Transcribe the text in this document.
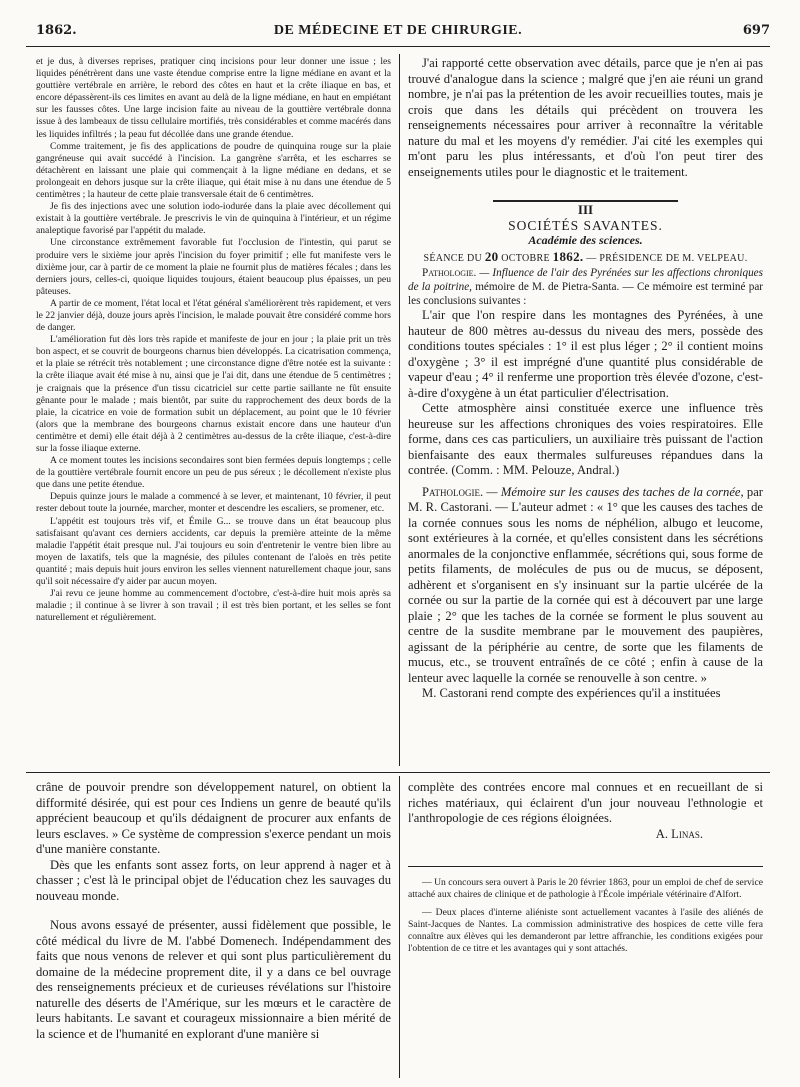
1862.	DE MÉDECINE ET DE CHIRURGIE.	697

et je dus, à diverses reprises, pratiquer cinq incisions pour leur donner une issue ; les liquides pénétrèrent dans une vaste étendue comprise entre la ligne médiane en avant et la gouttière vertébrale en arrière, le rebord des côtes en haut et la crête iliaque en bas, et encore dépassèrent-ils ces limites en avant au delà de la ligne médiane, en haut en empiétant sur les fausses côtes. Une large incision faite au niveau de la gouttière vertébrale donna issue à des lambeaux de tissu cellulaire mortifiés, très considérables et comme macérés dans les liquides infiltrés ; la peau fut décollée dans une grande étendue.

Comme traitement, je fis des applications de poudre de quinquina rouge sur la plaie gangréneuse qui avait succédé à l'incision. La gangrène s'arrêta, et les escharres se détachèrent en laissant une plaie qui commençait à la ligne médiane en dedans, et se prolongeait en dehors jusque sur la crête iliaque, qui était mise à nu dans une étendue de 5 centimètres ; la hauteur de cette plaie transversale était de 6 centimètres.

Je fis des injections avec une solution iodo-iodurée dans la plaie avec décollement qui existait à la gouttière vertébrale. Je prescrivis le vin de quinquina à l'intérieur, et un régime analeptique favorisé par l'appétit du malade.

Une circonstance extrêmement favorable fut l'occlusion de l'intestin, qui parut se produire vers le sixième jour après l'incision du foyer primitif ; elle fut manifeste vers le dixième jour, car à partir de ce moment la plaie ne fournit plus de matières fécales ; dans les derniers jours, celles-ci, quoique liquides toujours, étaient beaucoup plus épaisses, un peu pâteuses.

A partir de ce moment, l'état local et l'état général s'améliorèrent très rapidement, et vers le 22 janvier déjà, douze jours après l'incision, le malade pouvait être considéré comme hors de danger.

L'amélioration fut dès lors très rapide et manifeste de jour en jour ; la plaie prit un très bon aspect, et se couvrit de bourgeons charnus bien développés. La cicatrisation commença, et la plaie se rétrécit très notablement ; une circonstance digne d'être notée est la suivante : la crête iliaque avait été mise à nu, ainsi que je l'ai dit, dans une étendue de 5 centimètres ; je craignais que la présence d'un tissu cicatriciel sur cette partie saillante ne fût ensuite gênante pour le malade ; mais bientôt, par suite du rapprochement des deux bords de la plaie, la cicatrice en voie de formation subit un déplacement, au point que le 10 février (alors que la membrane des bourgeons charnus existait encore dans une hauteur d'un centimètre et demi) elle était déjà à 2 centimètres au-dessus de la crête iliaque, c'est-à-dire sur la fosse iliaque externe.

A ce moment toutes les incisions secondaires sont bien fermées depuis longtemps ; celle de la gouttière vertébrale fournit encore un peu de pus séreux ; le décollement n'existe plus que dans une petite étendue.

Depuis quinze jours le malade a commencé à se lever, et maintenant, 10 février, il peut rester debout toute la journée, marcher, monter et descendre les escaliers, se promener, etc.

L'appétit est toujours très vif, et Émile G... se trouve dans un état beaucoup plus satisfaisant qu'avant ces derniers accidents, car depuis la première atteinte de la même maladie l'appétit était presque nul. J'ai toujours eu soin d'entretenir le ventre bien libre au moyen de laxatifs, tels que la magnésie, des pilules contenant de l'aloès en très petite quantité ; mais depuis huit jours environ les selles viennent naturellement chaque jour, sans qu'il soit nécessaire d'y aider par aucun moyen.

J'ai revu ce jeune homme au commencement d'octobre, c'est-à-dire huit mois après sa maladie ; il continue à se livrer à son travail ; il est très bien portant, et les selles se font naturellement et régulièrement.

J'ai rapporté cette observation avec détails, parce que je n'en ai pas trouvé d'analogue dans la science ; malgré que j'en aie réuni un grand nombre, je n'ai pas la prétention de les avoir recueillies toutes, mais je crois que dans les détails qui précèdent on trouvera les renseignements nécessaires pour arriver à reconnaître la véritable nature du mal et les moyens d'y remédier. J'ai cité les exemples qui m'ont paru les plus intéressants, et d'où l'on peut tirer des enseignements utiles pour le diagnostic et le traitement.

III

SOCIÉTÉS SAVANTES.

Académie des sciences.

SÉANCE DU 20 OCTOBRE 1862. — PRÉSIDENCE DE M. VELPEAU.

Pathologie. — Influence de l'air des Pyrénées sur les affections chroniques de la poitrine, mémoire de M. de Pietra-Santa. — Ce mémoire est terminé par les conclusions suivantes :

L'air que l'on respire dans les montagnes des Pyrénées, à une hauteur de 800 mètres au-dessus du niveau des mers, possède des conditions toutes spéciales : 1° il est plus léger ; 2° il contient moins d'oxygène ; 3° il est imprégné d'une quantité plus considérable de vapeur d'eau ; 4° il renferme une proportion très élevée d'ozone, c'est-à-dire d'oxygène à un état particulier d'électrisation.

Cette atmosphère ainsi constituée exerce une influence très heureuse sur les affections chroniques des voies respiratoires. Elle forme, dans ces cas particuliers, un auxiliaire très puissant de l'action bienfaisante des eaux thermales sulfureuses répandues dans la contrée. (Comm. : MM. Pelouze, Andral.)

Pathologie. — Mémoire sur les causes des taches de la cornée, par M. R. Castorani. — L'auteur admet : « 1° que les causes des taches de la cornée connues sous les noms de néphélion, albugo et leucome, sont extérieures à la cornée, et qu'elles consistent dans les sécrétions anormales de la conjonctive enflammée, sécrétions qui, sous forme de petits filaments, de molécules de pus ou de mucus, se déposent, adhèrent et s'organisent en s'y insinuant sur la partie ulcérée de la cornée ou sur la partie de la cornée qui est à découvert par une large plaie ; 2° que les taches de la cornée se forment le plus souvent au centre de la susdite membrane par le mouvement des paupières, agissant de la périphérie au centre, de sorte que les filaments de mucus, etc., se trouvent entraînés de ce côté ; enfin à cause de la lenteur avec laquelle la cornée se renouvelle à son centre. »

M. Castorani rend compte des expériences qu'il a instituées

crâne de pouvoir prendre son développement naturel, on obtient la difformité désirée, qui est pour ces Indiens un genre de beauté qu'ils apprécient beaucoup et qu'ils dédaignent de procurer aux enfants de leurs esclaves. » Ce système de compression s'exerce pendant un mois d'une manière constante.

Dès que les enfants sont assez forts, on leur apprend à nager et à chasser ; c'est là le principal objet de l'éducation chez les sauvages du nouveau monde.

Nous avons essayé de présenter, aussi fidèlement que possible, le côté médical du livre de M. l'abbé Domenech. Indépendamment des faits que nous venons de relever et qui sont plus particulièrement du domaine de la médecine proprement dite, il y a dans ce bel ouvrage des renseignements précieux et de curieuses révélations sur l'histoire naturelle des déserts de l'Amérique, sur les mœurs et le caractère de leurs habitants. Le savant et courageux missionnaire a bien mérité de la science et de l'humanité en explorant d'une manière si

complète des contrées encore mal connues et en recueillant de si riches matériaux, qui éclairent d'un jour nouveau l'ethnologie et l'anthropologie de ces régions éloignées.

A. Linas.

— Un concours sera ouvert à Paris le 20 février 1863, pour un emploi de chef de service attaché aux chaires de clinique et de pathologie à l'École impériale vétérinaire d'Alfort.

— Deux places d'interne aliéniste sont actuellement vacantes à l'asile des aliénés de Saint-Jacques de Nantes. La commission administrative des hospices de cette ville fera connaître aux élèves qui les demanderont par lettre affranchie, les conditions exigées pour l'obtention de ce titre et les avantages qui y sont attachés.
